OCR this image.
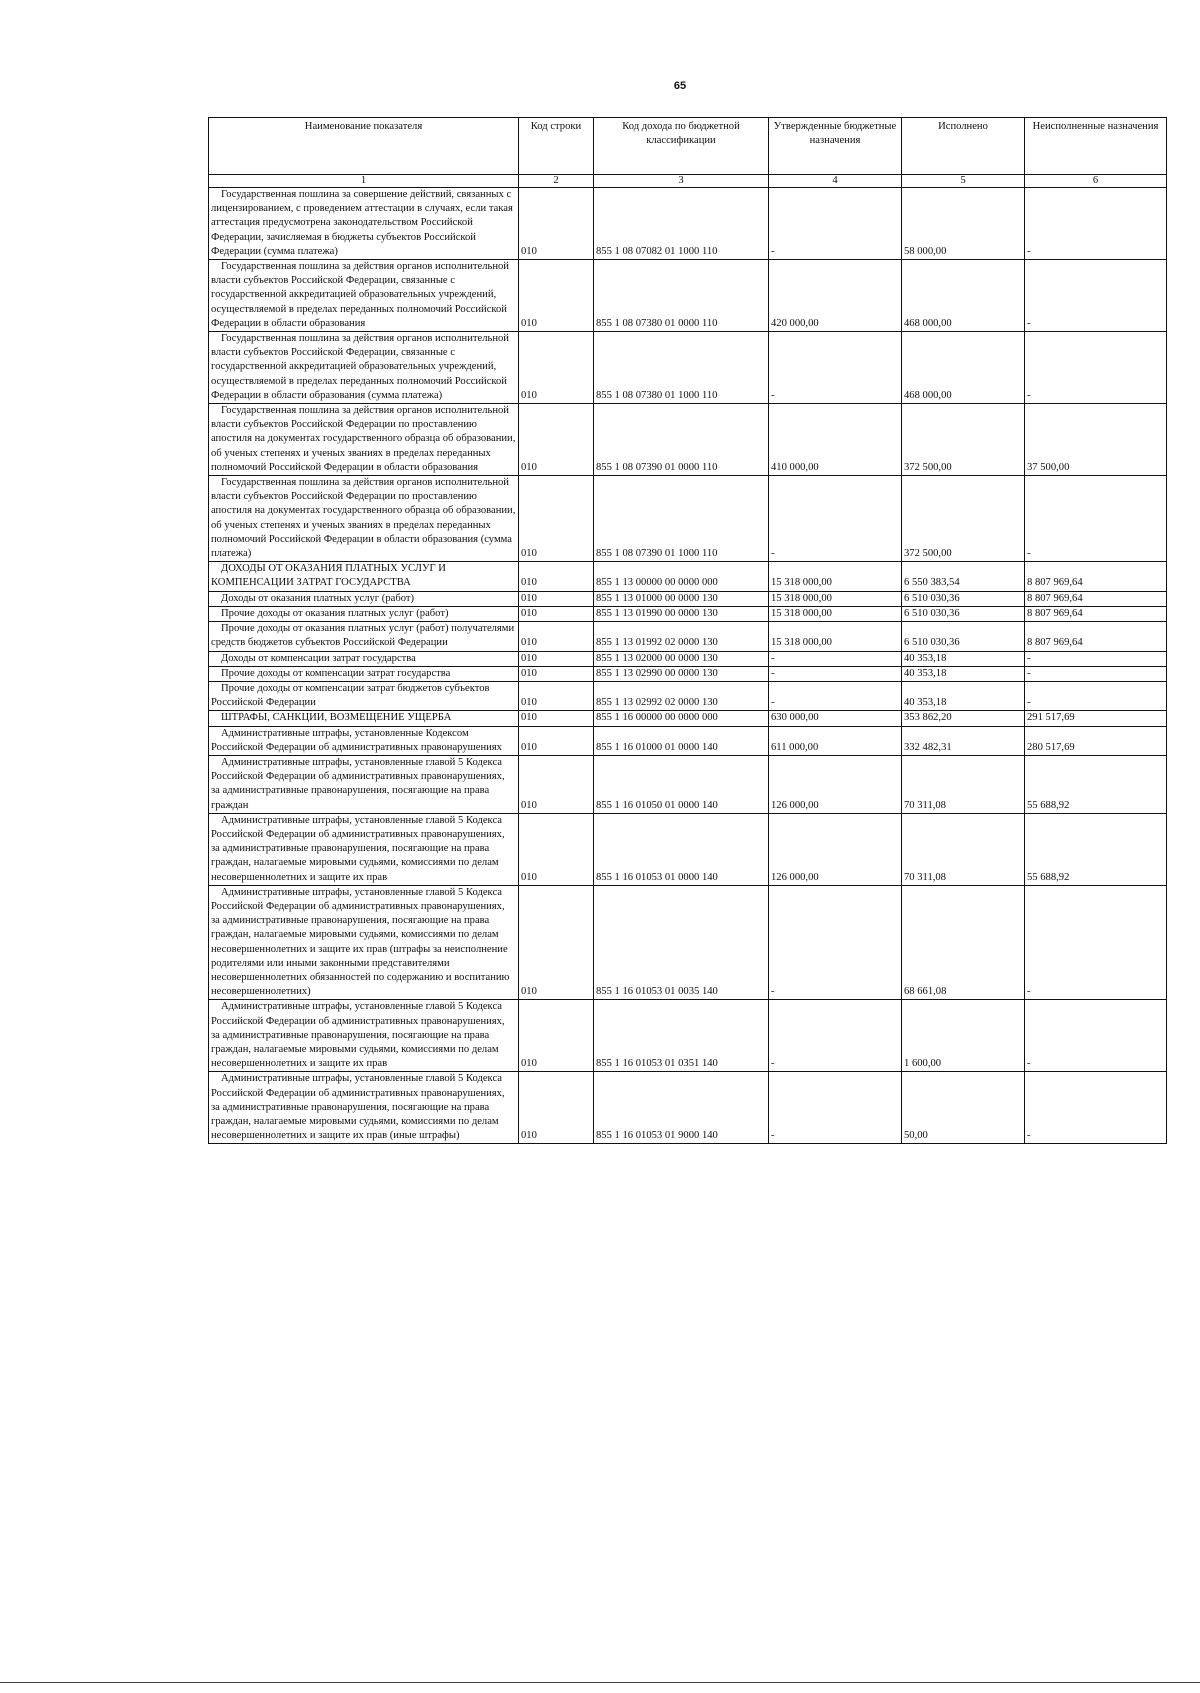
65
Наименование показателя	Код строки	Код дохода по бюджетной классификации	Утвержденные бюджетные назначения	Исполнено	Неисполненные назначения
1	2	3	4	5	6

Государственная пошлина за совершение действий, связанных с лицензированием, с проведением аттестации в случаях, если такая аттестация предусмотрена законодательством Российской Федерации, зачисляемая в бюджеты субъектов Российской Федерации (сумма платежа)	010	855 1 08 07082 01 1000 110	-	58 000,00	-

Государственная пошлина за действия органов исполнительной власти субъектов Российской Федерации, связанные с государственной аккредитацией образовательных учреждений, осуществляемой в пределах переданных полномочий Российской Федерации в области образования	010	855 1 08 07380 01 0000 110	420 000,00	468 000,00	-

Государственная пошлина за действия органов исполнительной власти субъектов Российской Федерации, связанные с государственной аккредитацией образовательных учреждений, осуществляемой в пределах переданных полномочий Российской Федерации в области образования (сумма платежа)	010	855 1 08 07380 01 1000 110	-	468 000,00	-

Государственная пошлина за действия органов исполнительной власти субъектов Российской Федерации по проставлению апостиля на документах государственного образца об образовании, об ученых степенях и ученых званиях в пределах переданных полномочий Российской Федерации в области образования	010	855 1 08 07390 01 0000 110	410 000,00	372 500,00	37 500,00

Государственная пошлина за действия органов исполнительной власти субъектов Российской Федерации по проставлению апостиля на документах государственного образца об образовании, об ученых степенях и ученых званиях в пределах переданных полномочий Российской Федерации в области образования (сумма платежа)	010	855 1 08 07390 01 1000 110	-	372 500,00	-

ДОХОДЫ ОТ ОКАЗАНИЯ ПЛАТНЫХ УСЛУГ И КОМПЕНСАЦИИ ЗАТРАТ ГОСУДАРСТВА	010	855 1 13 00000 00 0000 000	15 318 000,00	6 550 383,54	8 807 969,64

Доходы от оказания платных услуг (работ)	010	855 1 13 01000 00 0000 130	15 318 000,00	6 510 030,36	8 807 969,64

Прочие доходы от оказания платных услуг (работ)	010	855 1 13 01990 00 0000 130	15 318 000,00	6 510 030,36	8 807 969,64

Прочие доходы от оказания платных услуг (работ) получателями средств бюджетов субъектов Российской Федерации	010	855 1 13 01992 02 0000 130	15 318 000,00	6 510 030,36	8 807 969,64

Доходы от компенсации затрат государства	010	855 1 13 02000 00 0000 130	-	40 353,18	-

Прочие доходы от компенсации затрат государства	010	855 1 13 02990 00 0000 130	-	40 353,18	-

Прочие доходы от компенсации затрат бюджетов субъектов Российской Федерации	010	855 1 13 02992 02 0000 130	-	40 353,18	-

ШТРАФЫ, САНКЦИИ, ВОЗМЕЩЕНИЕ УЩЕРБА	010	855 1 16 00000 00 0000 000	630 000,00	353 862,20	291 517,69

Административные штрафы, установленные Кодексом Российской Федерации об административных правонарушениях	010	855 1 16 01000 01 0000 140	611 000,00	332 482,31	280 517,69

Административные штрафы, установленные главой 5 Кодекса Российской Федерации об административных правонарушениях, за административные правонарушения, посягающие на права граждан	010	855 1 16 01050 01 0000 140	126 000,00	70 311,08	55 688,92

Административные штрафы, установленные главой 5 Кодекса Российской Федерации об административных правонарушениях, за административные правонарушения, посягающие на права граждан, налагаемые мировыми судьями, комиссиями по делам несовершеннолетних и защите их прав	010	855 1 16 01053 01 0000 140	126 000,00	70 311,08	55 688,92

Административные штрафы, установленные главой 5 Кодекса Российской Федерации об административных правонарушениях, за административные правонарушения, посягающие на права граждан, налагаемые мировыми судьями, комиссиями по делам несовершеннолетних и защите их прав (штрафы за неисполнение родителями или иными законными представителями несовершеннолетних обязанностей по содержанию и воспитанию несовершеннолетних)	010	855 1 16 01053 01 0035 140	-	68 661,08	-

Административные штрафы, установленные главой 5 Кодекса Российской Федерации об административных правонарушениях, за административные правонарушения, посягающие на права граждан, налагаемые мировыми судьями, комиссиями по делам несовершеннолетних и защите их прав	010	855 1 16 01053 01 0351 140	-	1 600,00	-

Административные штрафы, установленные главой 5 Кодекса Российской Федерации об административных правонарушениях, за административные правонарушения, посягающие на права граждан, налагаемые мировыми судьями, комиссиями по делам несовершеннолетних и защите их прав (иные штрафы)	010	855 1 16 01053 01 9000 140	-	50,00	-
